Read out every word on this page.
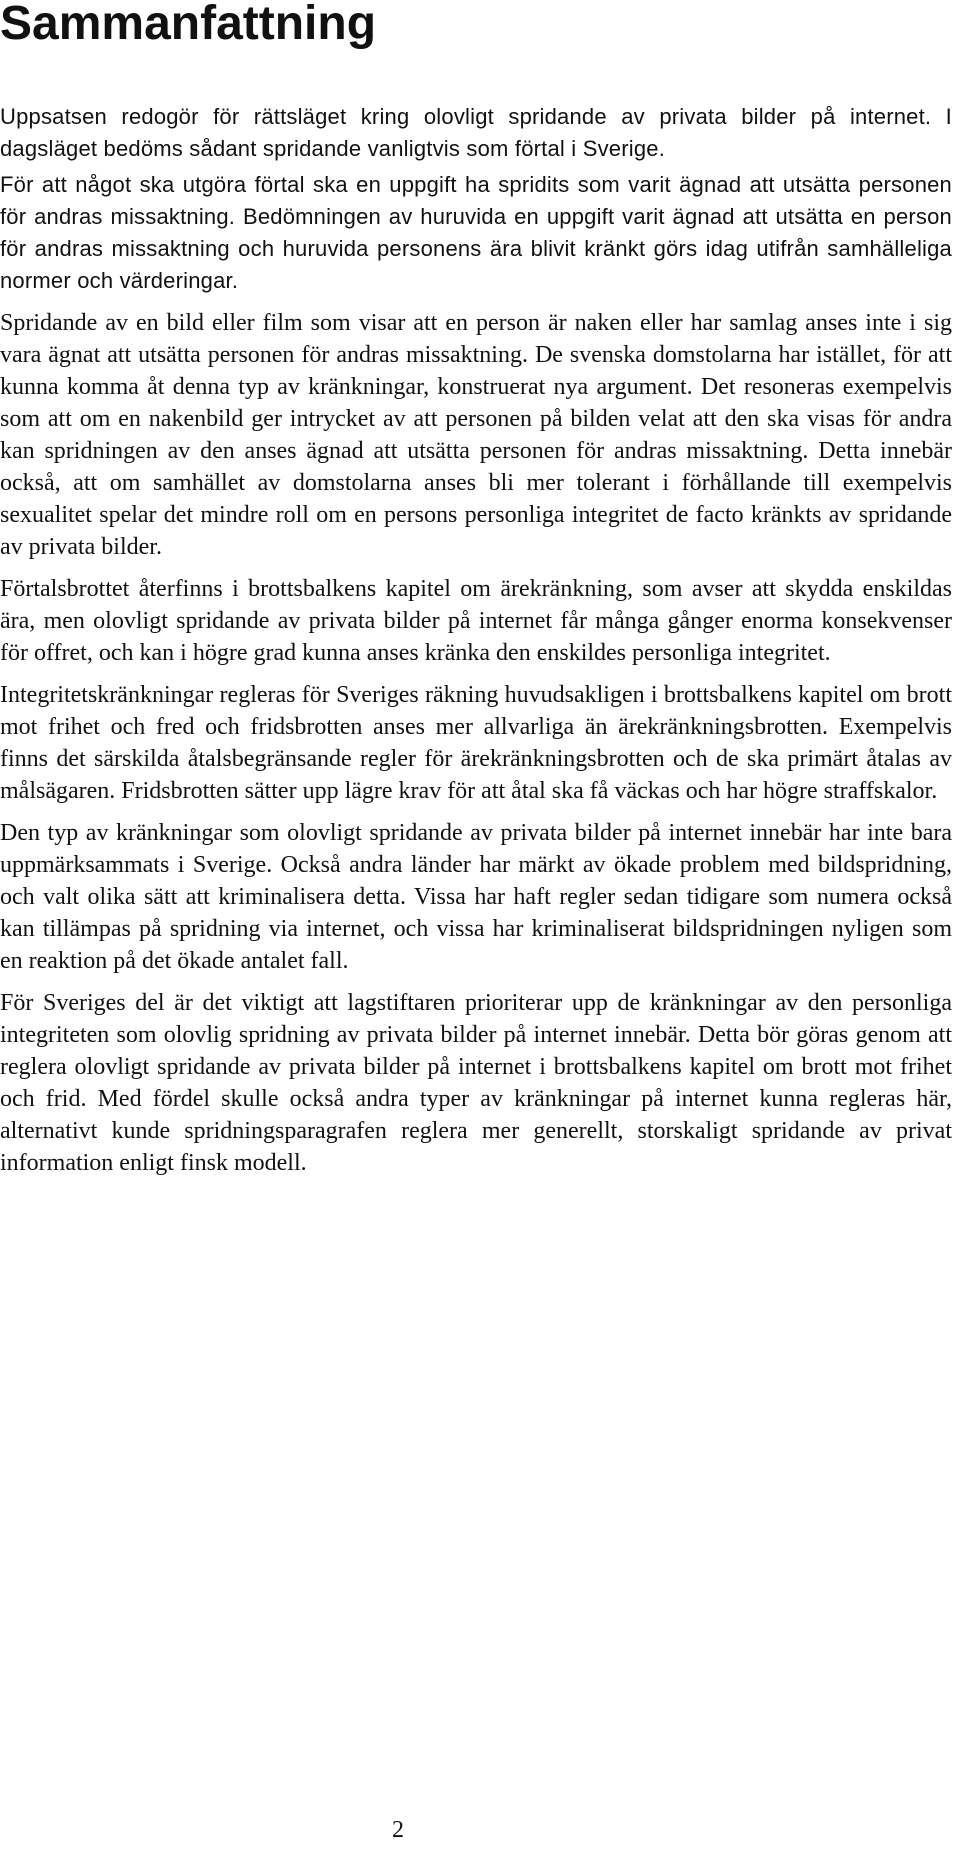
Sammanfattning

Uppsatsen redogör för rättsläget kring olovligt spridande av privata bilder på internet. I dagsläget bedöms sådant spridande vanligtvis som förtal i Sverige.

För att något ska utgöra förtal ska en uppgift ha spridits som varit ägnad att utsätta personen för andras missaktning. Bedömningen av huruvida en uppgift varit ägnad att utsätta en person för andras missaktning och huruvida personens ära blivit kränkt görs idag utifrån samhälleliga normer och värderingar.

Spridande av en bild eller film som visar att en person är naken eller har samlag anses inte i sig vara ägnat att utsätta personen för andras missaktning. De svenska domstolarna har istället, för att kunna komma åt denna typ av kränkningar, konstruerat nya argument. Det resoneras exempelvis som att om en nakenbild ger intrycket av att personen på bilden velat att den ska visas för andra kan spridningen av den anses ägnad att utsätta personen för andras missaktning. Detta innebär också, att om samhället av domstolarna anses bli mer tolerant i förhållande till exempelvis sexualitet spelar det mindre roll om en persons personliga integritet de facto kränkts av spridande av privata bilder.

Förtalsbrottet återfinns i brottsbalkens kapitel om ärekränkning, som avser att skydda enskildas ära, men olovligt spridande av privata bilder på internet får många gånger enorma konsekvenser för offret, och kan i högre grad kunna anses kränka den enskildes personliga integritet.

Integritetskränkningar regleras för Sveriges räkning huvudsakligen i brottsbalkens kapitel om brott mot frihet och fred och fridsbrotten anses mer allvarliga än ärekränkningsbrotten. Exempelvis finns det särskilda åtalsbegränsande regler för ärekränkningsbrotten och de ska primärt åtalas av målsägaren. Fridsbrotten sätter upp lägre krav för att åtal ska få väckas och har högre straffskalor.

Den typ av kränkningar som olovligt spridande av privata bilder på internet innebär har inte bara uppmärksammats i Sverige. Också andra länder har märkt av ökade problem med bildspridning, och valt olika sätt att kriminalisera detta. Vissa har haft regler sedan tidigare som numera också kan tillämpas på spridning via internet, och vissa har kriminaliserat bildspridningen nyligen som en reaktion på det ökade antalet fall.

För Sveriges del är det viktigt att lagstiftaren prioriterar upp de kränkningar av den personliga integriteten som olovlig spridning av privata bilder på internet innebär. Detta bör göras genom att reglera olovligt spridande av privata bilder på internet i brottsbalkens kapitel om brott mot frihet och frid. Med fördel skulle också andra typer av kränkningar på internet kunna regleras här, alternativt kunde spridningsparagrafen reglera mer generellt, storskaligt spridande av privat information enligt finsk modell.

2
